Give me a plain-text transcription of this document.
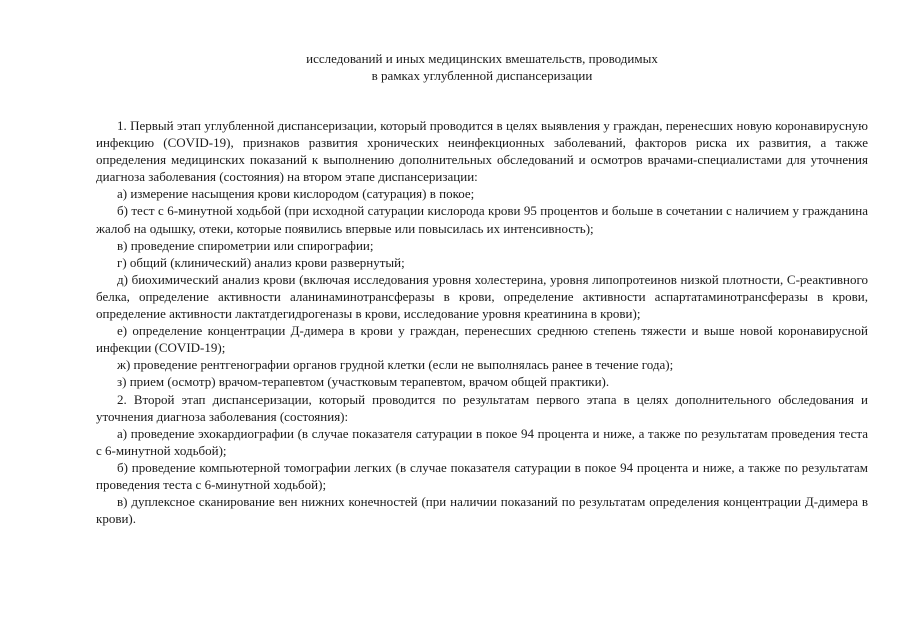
исследований и иных медицинских вмешательств, проводимых
в рамках углубленной диспансеризации

1. Первый этап углубленной диспансеризации, который проводится в целях выявления у граждан, перенесших новую коронавирусную инфекцию (COVID-19), признаков развития хронических неинфекционных заболеваний, факторов риска их развития, а также определения медицинских показаний к выполнению дополнительных обследований и осмотров врачами-специалистами для уточнения диагноза заболевания (состояния) на втором этапе диспансеризации:

а) измерение насыщения крови кислородом (сатурация) в покое;

б) тест с 6-минутной ходьбой (при исходной сатурации кислорода крови 95 процентов и больше в сочетании с наличием у гражданина жалоб на одышку, отеки, которые появились впервые или повысилась их интенсивность);

в) проведение спирометрии или спирографии;

г) общий (клинический) анализ крови развернутый;

д) биохимический анализ крови (включая исследования уровня холестерина, уровня липопротеинов низкой плотности, С-реактивного белка, определение активности аланинаминотрансферазы в крови, определение активности аспартатаминотрансферазы в крови, определение активности лактатдегидрогеназы в крови, исследование уровня креатинина в крови);

е) определение концентрации Д-димера в крови у граждан, перенесших среднюю степень тяжести и выше новой коронавирусной инфекции (COVID-19);

ж) проведение рентгенографии органов грудной клетки (если не выполнялась ранее в течение года);

з) прием (осмотр) врачом-терапевтом (участковым терапевтом, врачом общей практики).

2. Второй этап диспансеризации, который проводится по результатам первого этапа в целях дополнительного обследования и уточнения диагноза заболевания (состояния):

а) проведение эхокардиографии (в случае показателя сатурации в покое 94 процента и ниже, а также по результатам проведения теста с 6-минутной ходьбой);

б) проведение компьютерной томографии легких (в случае показателя сатурации в покое 94 процента и ниже, а также по результатам проведения теста с 6-минутной ходьбой);

в) дуплексное сканирование вен нижних конечностей (при наличии показаний по результатам определения концентрации Д-димера в крови).
